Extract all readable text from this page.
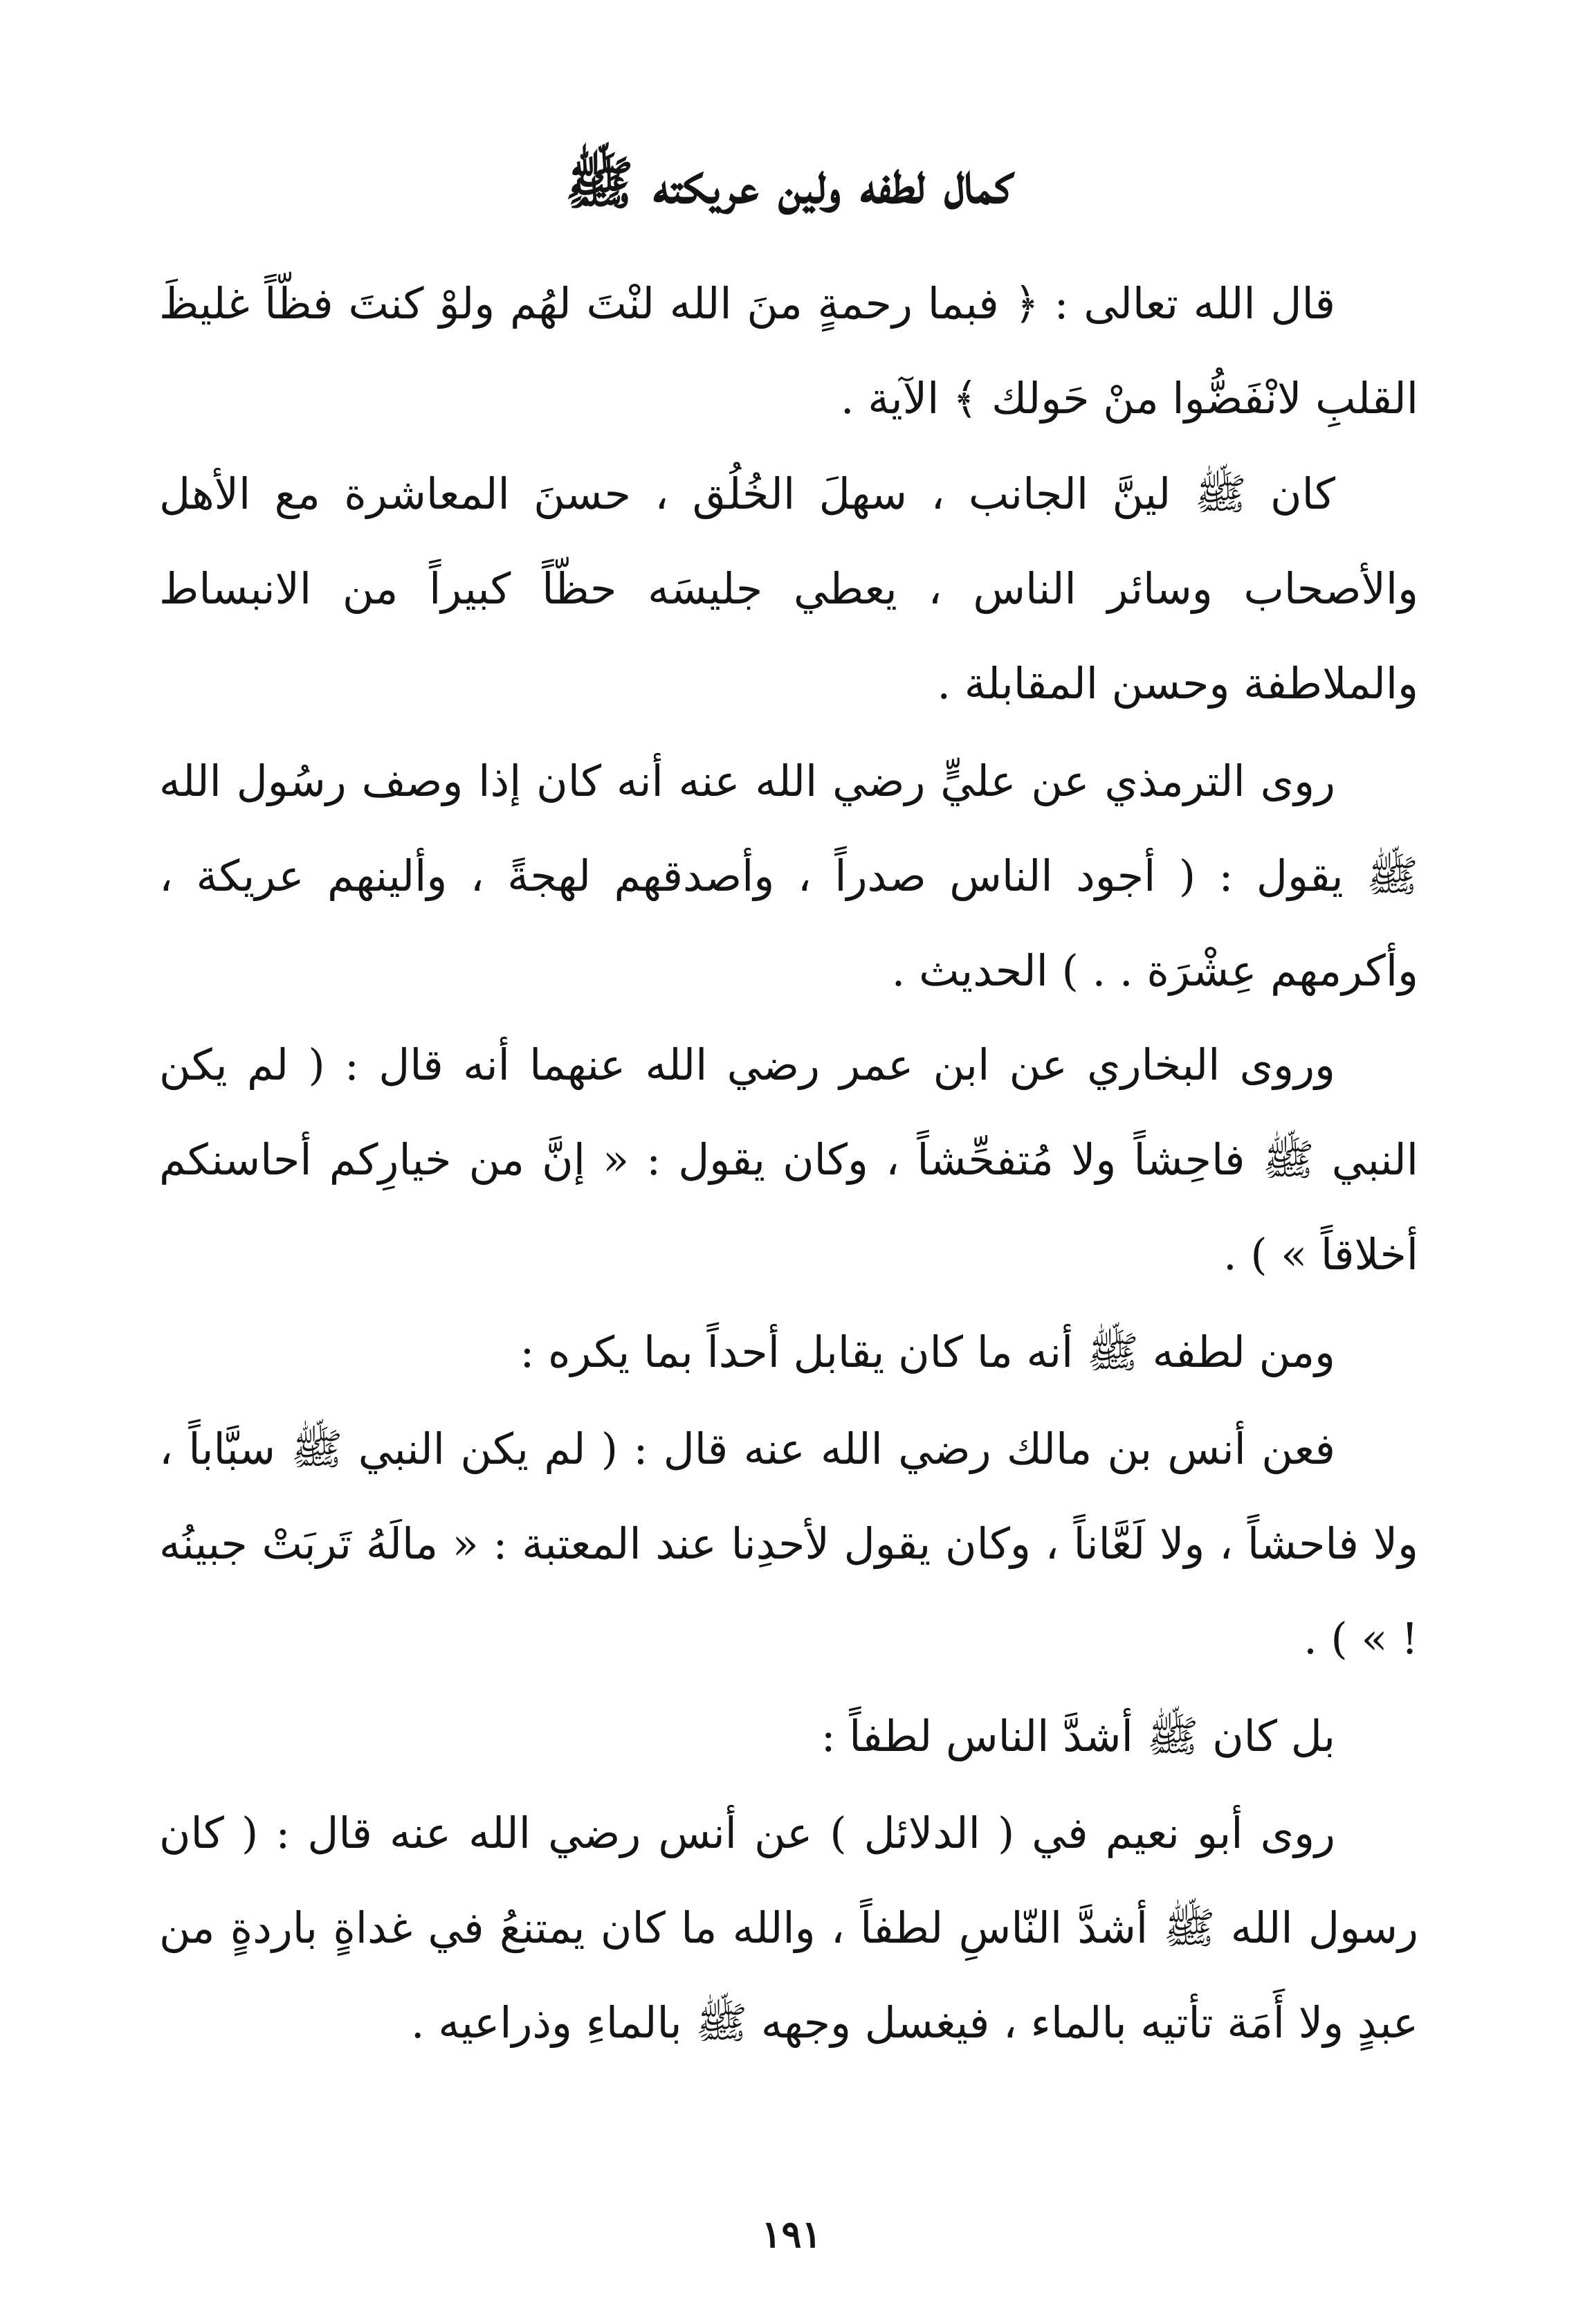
كمال لطفه ولين عريكته ﷺ

قال الله تعالى : ﴿ فبما رحمةٍ منَ الله لنْتَ لهُم ولوْ كنتَ فظّاً غليظَ القلبِ لانْفَضُّوا منْ حَولك ﴾ الآية .

كان ﷺ لينَّ الجانب ، سهلَ الخُلُق ، حسنَ المعاشرة مع الأهل والأصحاب وسائر الناس ، يعطي جليسَه حظّاً كبيراً من الانبساط والملاطفة وحسن المقابلة .

روى الترمذي عن عليٍّ رضي الله عنه أنه كان إذا وصف رسُول الله ﷺ يقول : ( أجود الناس صدراً ، وأصدقهم لهجةً ، وألينهم عريكة ، وأكرمهم عِشْرَة . . ) الحديث .

وروى البخاري عن ابن عمر رضي الله عنهما أنه قال : ( لم يكن النبي ﷺ فاحِشاً ولا مُتفحِّشاً ، وكان يقول : « إنَّ من خيارِكم أحاسنكم أخلاقاً » ) .

ومن لطفه ﷺ أنه ما كان يقابل أحداً بما يكره :

فعن أنس بن مالك رضي الله عنه قال : ( لم يكن النبي ﷺ سبَّاباً ، ولا فاحشاً ، ولا لَعَّاناً ، وكان يقول لأحدِنا عند المعتبة : « مالَهُ تَربَتْ جبينُه ! » ) .

بل كان ﷺ أشدَّ الناس لطفاً :

روى أبو نعيم في ( الدلائل ) عن أنس رضي الله عنه قال : ( كان رسول الله ﷺ أشدَّ النّاسِ لطفاً ، والله ما كان يمتنعُ في غداةٍ باردةٍ من عبدٍ ولا أَمَة تأتيه بالماء ، فيغسل وجهه ﷺ بالماءِ وذراعيه .

١٩١
